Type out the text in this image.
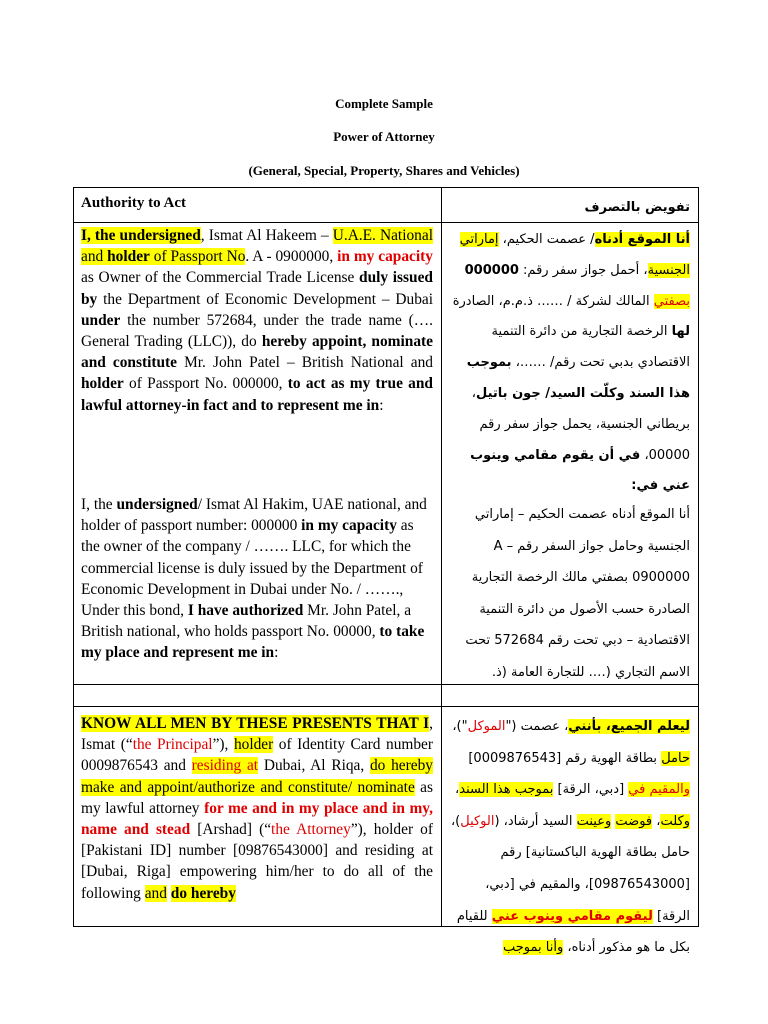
Complete Sample
Power of Attorney
(General, Special, Property, Shares and Vehicles)
Authority to Act	تفويض بالتصرف
I, the undersigned, Ismat Al Hakeem – U.A.E. National and holder of Passport No. A - 0900000, in my capacity as Owner of the Commercial Trade License duly issued by the Department of Economic Development – Dubai under the number 572684, under the trade name (…. General Trading (LLC)), do hereby appoint, nominate and constitute Mr. John Patel – British National and holder of Passport No. 000000, to act as my true and lawful attorney-in fact and to represent me in:
أنا الموقع أدناه/ عصمت الحكيم، إماراتي الجنسية، أحمل جواز سفر رقم: 000000 بصفتي المالك لشركة / …… ذ.م.م، الصادرة لها الرخصة التجارية من دائرة التنمية الاقتصادي بدبي تحت رقم/ ……، بموجب هذا السند وكلّت السيد/ جون باتيل، بريطاني الجنسية، يحمل جواز سفر رقم 00000، في أن يقوم مقامي وينوب عني في:
I, the undersigned/ Ismat Al Hakim, UAE national, and holder of passport number: 000000 in my capacity as the owner of the company / ……. LLC, for which the commercial license is duly issued by the Department of Economic Development in Dubai under No. / ……., Under this bond, I have authorized Mr. John Patel, a British national, who holds passport No. 00000, to take my place and represent me in:
أنا الموقع أدناه عصمت الحكيم – إماراتي الجنسية وحامل جواز السفر رقم – A 0900000 بصفتي مالك الرخصة التجارية الصادرة حسب الأصول من دائرة التنمية الاقتصادية – دبي تحت رقم 572684 تحت الاسم التجاري (…. للتجارة العامة (ذ.
KNOW ALL MEN BY THESE PRESENTS THAT I, Ismat (“the Principal”), holder of Identity Card number 0009876543 and residing at Dubai, Al Riqa, do hereby make and appoint/authorize and constitute/ nominate as my lawful attorney for me and in my place and in my, name and stead [Arshad] (“the Attorney”), holder of [Pakistani ID] number [09876543000] and residing at [Dubai, Riga] empowering him/her to do all of the following and do hereby
ليعلم الجميع، بأنني، عصمت ("الموكل")، حامل بطاقة الهوية رقم [0009876543] والمقيم في [دبي، الرقة] بموجب هذا السند، وكلت، فوضت وعينت السيد أرشاد، (الوكيل)، حامل بطاقة الهوية الباكستانية] رقم [09876543000]، والمقيم في [دبي، الرقة] ليقوم مقامي وينوب عني للقيام بكل ما هو مذكور أدناه، وأنا بموجب
